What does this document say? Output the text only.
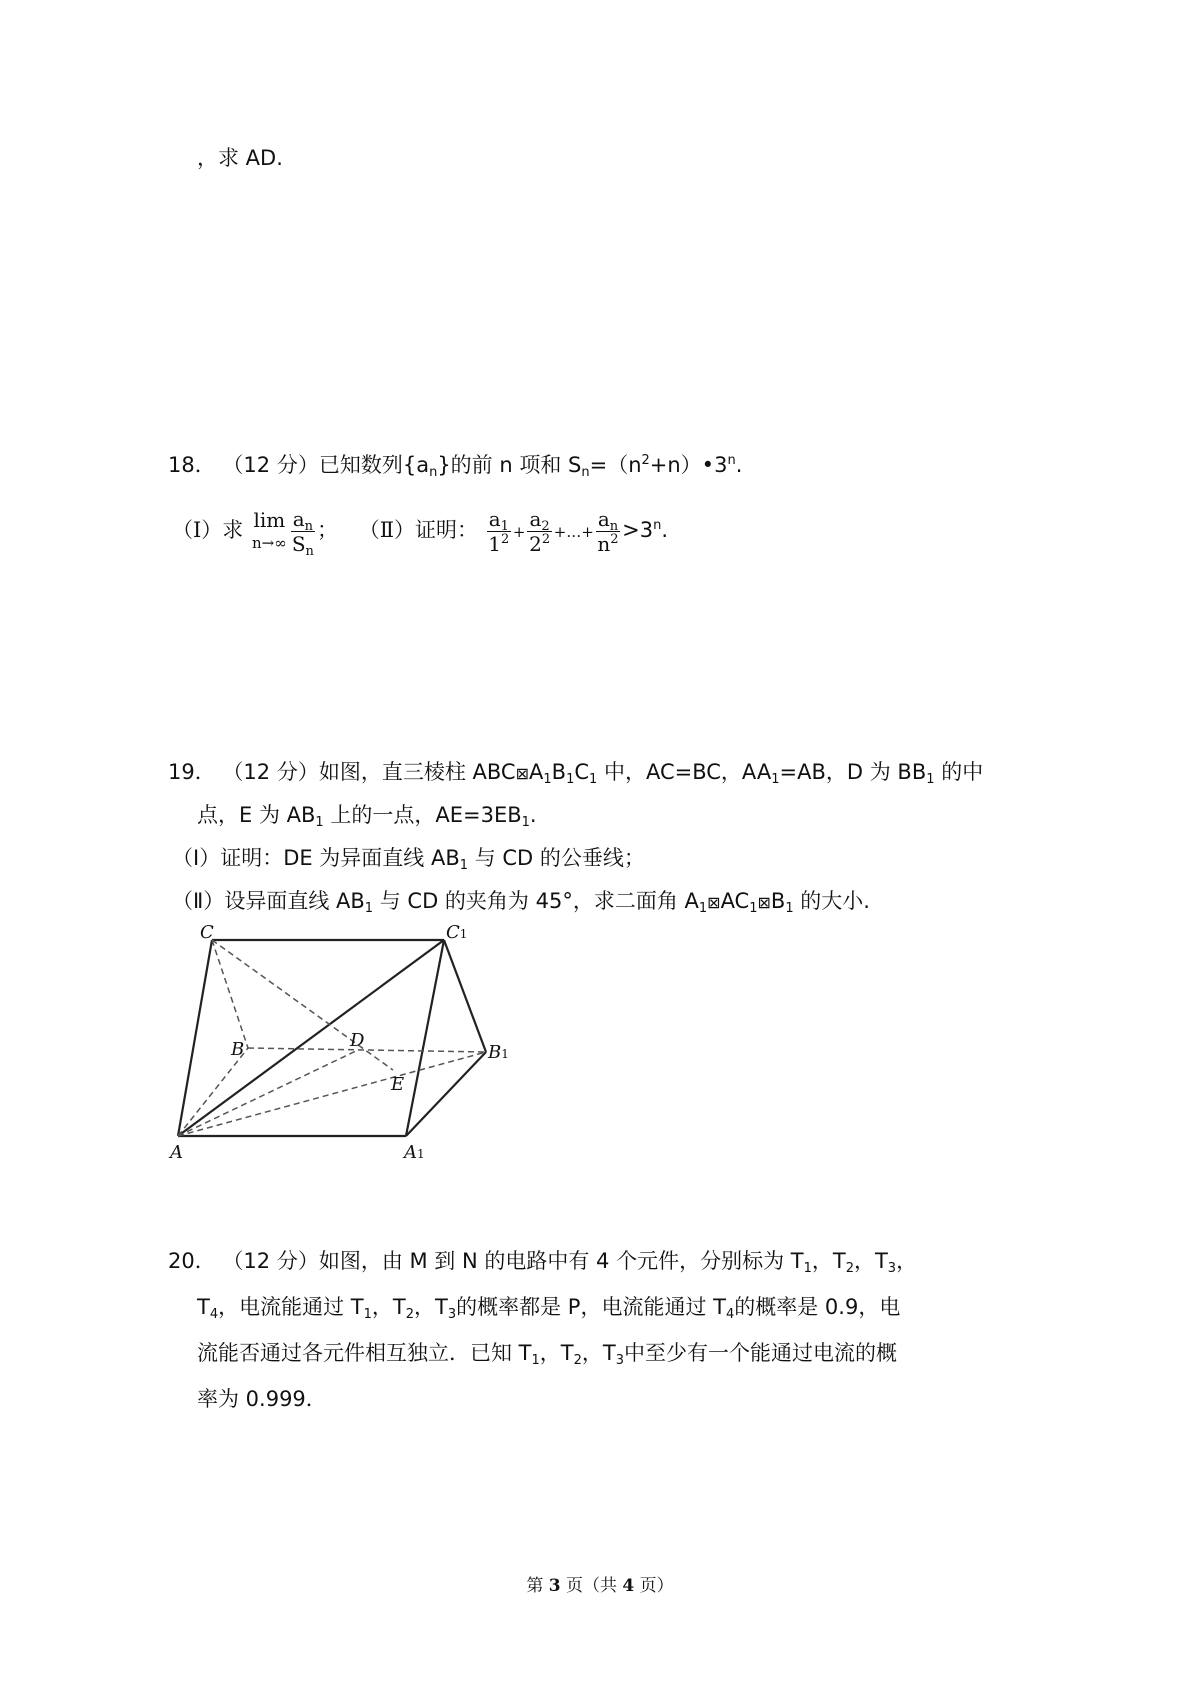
，求 AD.
18． （12 分）已知数列$\{a_n\}$的前 n 项和 $S_n=(n^2+n)•3^n$.
（Ⅰ）求 lim
$n\to\infty \frac{a_n}{S_n}$ ； （Ⅱ）证明： $\frac{a_1}{1^2} + \frac{a_2}{2^2}$ +…+ $\frac{a_n}{n^2} >3^n$.
19． （12 分）如图，直三棱柱 $ABC⊠A_1B_1C_1$ 中，AC=BC，$AA_1=AB$，D 为 $BB_1$ 的中
点，E 为 $AB_1$ 上的一点，$AE=3EB_1$.
（Ⅰ）证明：DE 为异面直线 $AB_1$ 与 CD 的公垂线；
（Ⅱ）设异面直线 $AB_1$ 与 CD 的夹角为 45°，求二面角 $A_1⊠AC_1⊠B_1$ 的大小.
C	C1
B	B1
D
E
A	A1
20． （12 分）如图，由 M 到 N 的电路中有 4 个元件，分别标为 $T_1$，$T_2$，$T_3$，
$T_4$，电流能通过 $T_1$，$T_2$，$T_3$的概率都是 P，电流能通过 $T_4$的概率是 0.9，电
流能否通过各元件相互独立．已知 $T_1$，$T_2$，$T_3$中至少有一个能通过电流的概
率为 0.999．
第 3 页（共 4 页）
